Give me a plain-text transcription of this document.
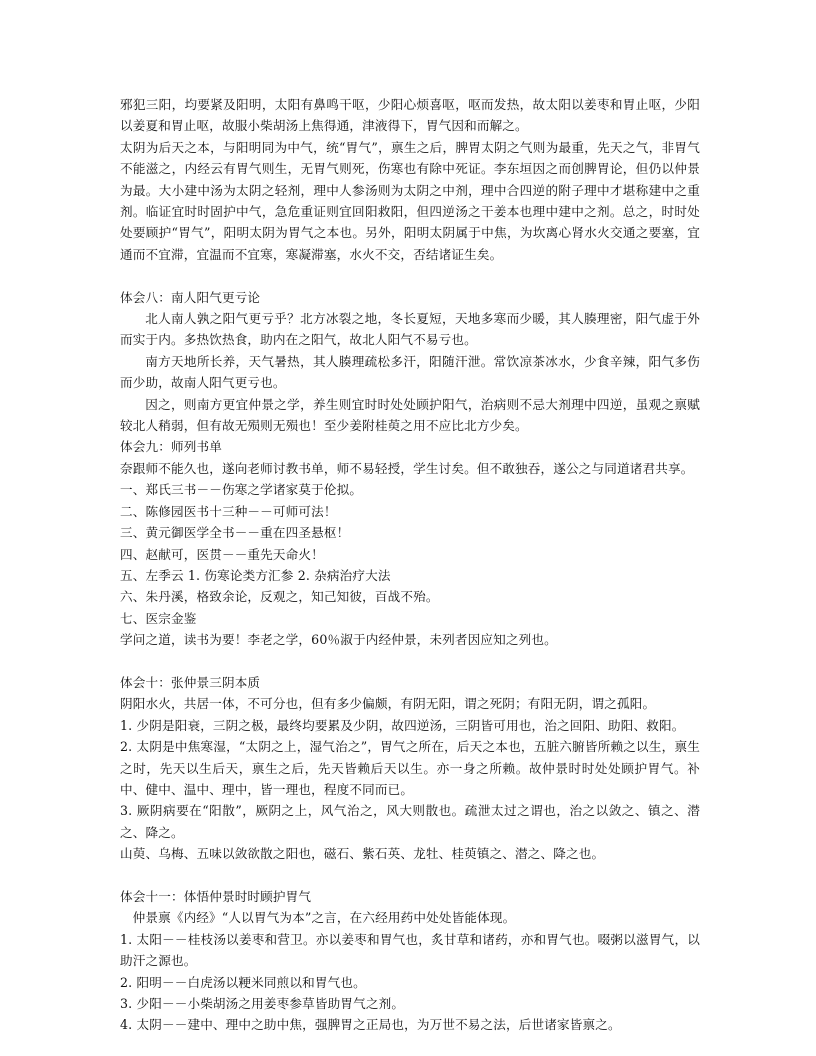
邪犯三阳，均要紧及阳明，太阳有鼻鸣干呕，少阳心烦喜呕，呕而发热，故太阳以姜枣和胃止呕，少阳以姜夏和胃止呕，故服小柴胡汤上焦得通，津液得下，胃气因和而解之。

太阴为后天之本，与阳明同为中气，统“胃气”，禀生之后，脾胃太阴之气则为最重，先天之气，非胃气不能滋之，内经云有胃气则生，无胃气则死，伤寒也有除中死证。李东垣因之而创脾胃论，但仍以仲景为最。大小建中汤为太阴之轻剂，理中人参汤则为太阴之中剂，理中合四逆的附子理中才堪称建中之重剂。临证宜时时固护中气，急危重证则宜回阳救阳，但四逆汤之干姜本也理中建中之剂。总之，时时处处要顾护“胃气”，阳明太阴为胃气之本也。另外，阳明太阴属于中焦，为坎离心肾水火交通之要塞，宜通而不宜滞，宜温而不宜寒，寒凝滞塞，水火不交，否结诸证生矣。

体会八：南人阳气更亏论

北人南人孰之阳气更亏乎？北方冰裂之地，冬长夏短，天地多寒而少暖，其人腠理密，阳气虚于外而实于内。多热饮热食，助内在之阳气，故北人阳气不易亏也。

南方天地所长养，天气暑热，其人腠理疏松多汗，阳随汗泄。常饮凉茶冰水，少食辛辣，阳气多伤而少助，故南人阳气更亏也。

因之，则南方更宜仲景之学，养生则宜时时处处顾护阳气，治病则不忌大剂理中四逆，虽观之禀赋较北人稍弱，但有故无殒则无殒也！至少姜附桂萸之用不应比北方少矣。

体会九：师列书单

奈跟师不能久也，遂向老师讨教书单，师不易轻授，学生讨矣。但不敢独吞，遂公之与同道诸君共享。

一、郑氏三书－－伤寒之学诸家莫于伦拟。

二、陈修园医书十三种－－可师可法！

三、黄元御医学全书－－重在四圣悬枢！

四、赵献可，医贯－－重先天命火！

五、左季云 1. 伤寒论类方汇参 2. 杂病治疗大法

六、朱丹溪，格致余论，反观之，知己知彼，百战不殆。

七、医宗金鉴

学问之道，读书为要！李老之学，60％淑于内经仲景，未列者因应知之列也。

体会十：张仲景三阴本质

阴阳水火，共居一体，不可分也，但有多少偏颇，有阴无阳，谓之死阴；有阳无阴，谓之孤阳。

1. 少阴是阳衰，三阴之极，最终均要累及少阴，故四逆汤，三阴皆可用也，治之回阳、助阳、救阳。

2. 太阴是中焦寒湿，“太阴之上，湿气治之”，胃气之所在，后天之本也，五脏六腑皆所赖之以生，禀生之时，先天以生后天，禀生之后，先天皆赖后天以生。亦一身之所赖。故仲景时时处处顾护胃气。补中、健中、温中、理中，皆一理也，程度不同而已。

3. 厥阴病要在“阳散”，厥阴之上，风气治之，风大则散也。疏泄太过之谓也，治之以敛之、镇之、潜之、降之。

山萸、乌梅、五味以敛欲散之阳也，磁石、紫石英、龙牡、桂萸镇之、潜之、降之也。

体会十一：体悟仲景时时顾护胃气

仲景禀《内经》“人以胃气为本”之言，在六经用药中处处皆能体现。

1. 太阳－－桂枝汤以姜枣和营卫。亦以姜枣和胃气也，炙甘草和诸药，亦和胃气也。啜粥以滋胃气，以助汗之源也。

2. 阳明－－白虎汤以粳米同煎以和胃气也。

3. 少阳－－小柴胡汤之用姜枣参草皆助胃气之剂。

4. 太阴－－建中、理中之助中焦，强脾胃之正局也，为万世不易之法，后世诸家皆禀之。
